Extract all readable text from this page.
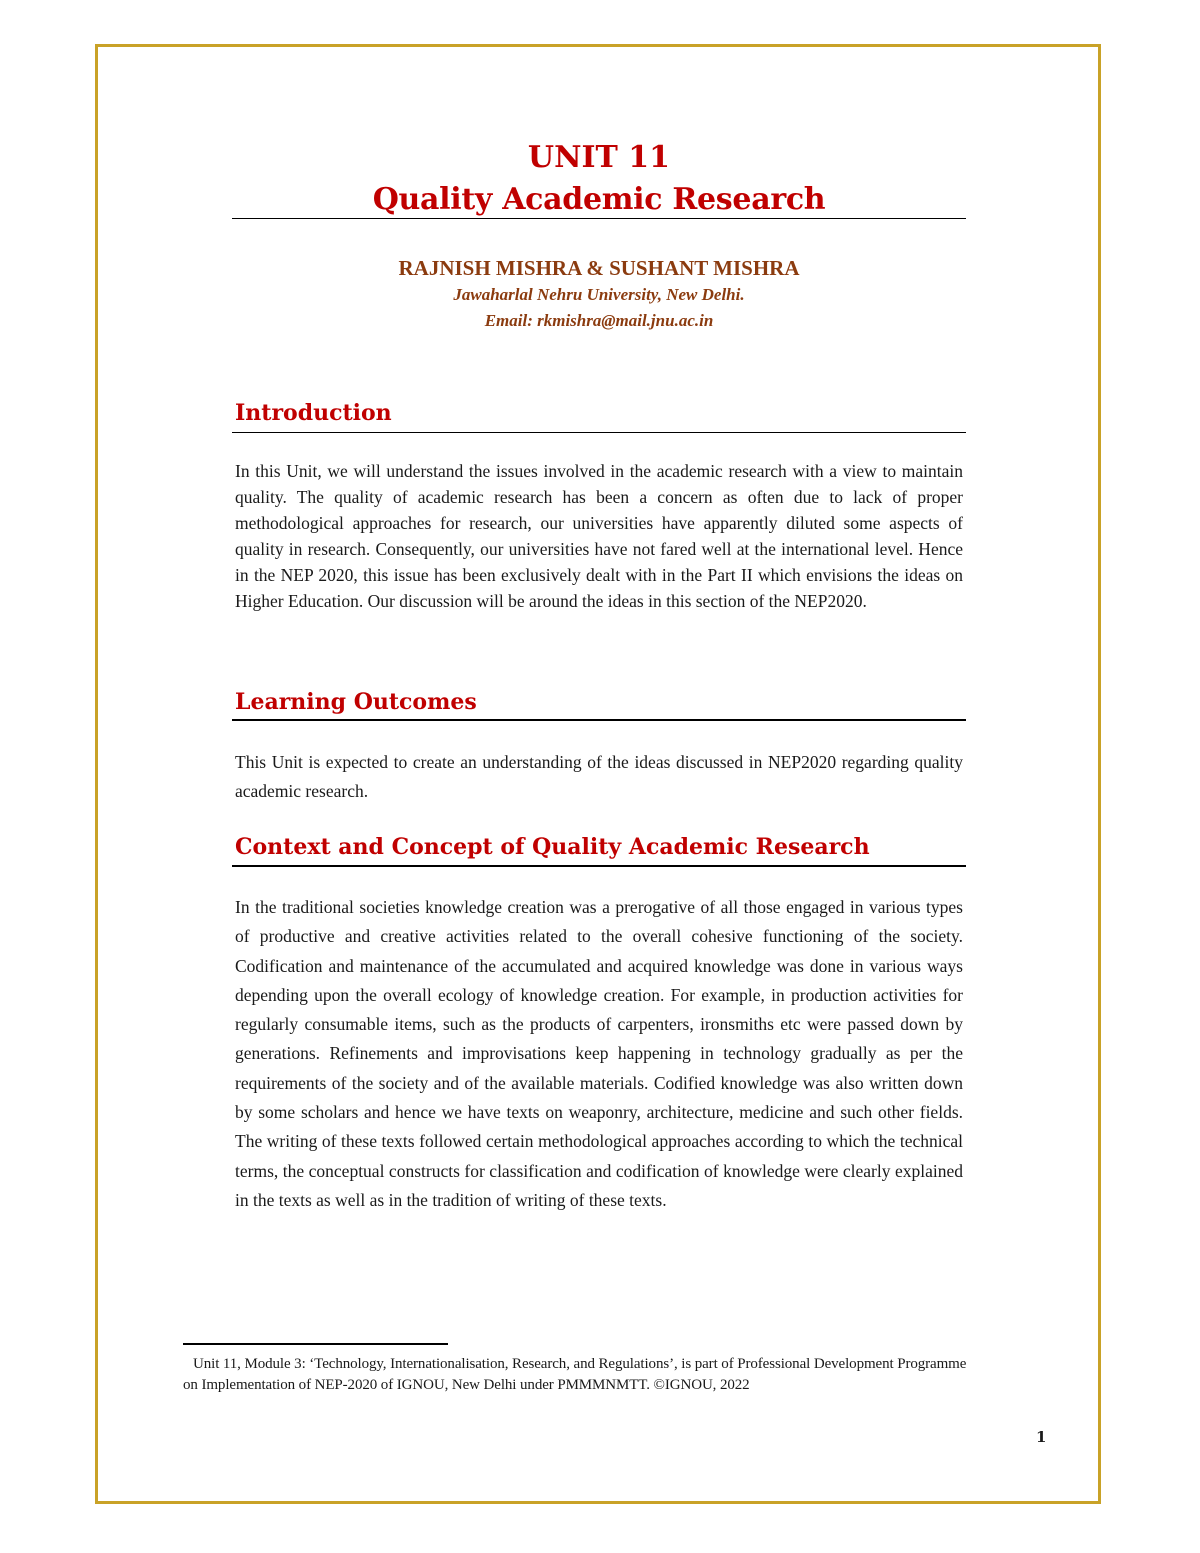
UNIT 11
Quality Academic Research

RAJNISH MISHRA & SUSHANT MISHRA

Jawaharlal Nehru University, New Delhi.

Email: rkmishra@mail.jnu.ac.in

Introduction

In this Unit, we will understand the issues involved in the academic research with a view to maintain quality. The quality of academic research has been a concern as often due to lack of proper methodological approaches for research, our universities have apparently diluted some aspects of quality in research. Consequently, our universities have not fared well at the international level. Hence in the NEP 2020, this issue has been exclusively dealt with in the Part II which envisions the ideas on Higher Education. Our discussion will be around the ideas in this section of the NEP2020.

Learning Outcomes

This Unit is expected to create an understanding of the ideas discussed in NEP2020 regarding quality academic research.

Context and Concept of Quality Academic Research

In the traditional societies knowledge creation was a prerogative of all those engaged in various types of productive and creative activities related to the overall cohesive functioning of the society. Codification and maintenance of the accumulated and acquired knowledge was done in various ways depending upon the overall ecology of knowledge creation. For example, in production activities for regularly consumable items, such as the products of carpenters, ironsmiths etc were passed down by generations. Refinements and improvisations keep happening in technology gradually as per the requirements of the society and of the available materials. Codified knowledge was also written down by some scholars and hence we have texts on weaponry, architecture, medicine and such other fields. The writing of these texts followed certain methodological approaches according to which the technical terms, the conceptual constructs for classification and codification of knowledge were clearly explained in the texts as well as in the tradition of writing of these texts.

Unit 11, Module 3: ‘Technology, Internationalisation, Research, and Regulations’, is part of Professional Development Programme on Implementation of NEP-2020 of IGNOU, New Delhi under PMMMNMTT. ©IGNOU, 2022

1
